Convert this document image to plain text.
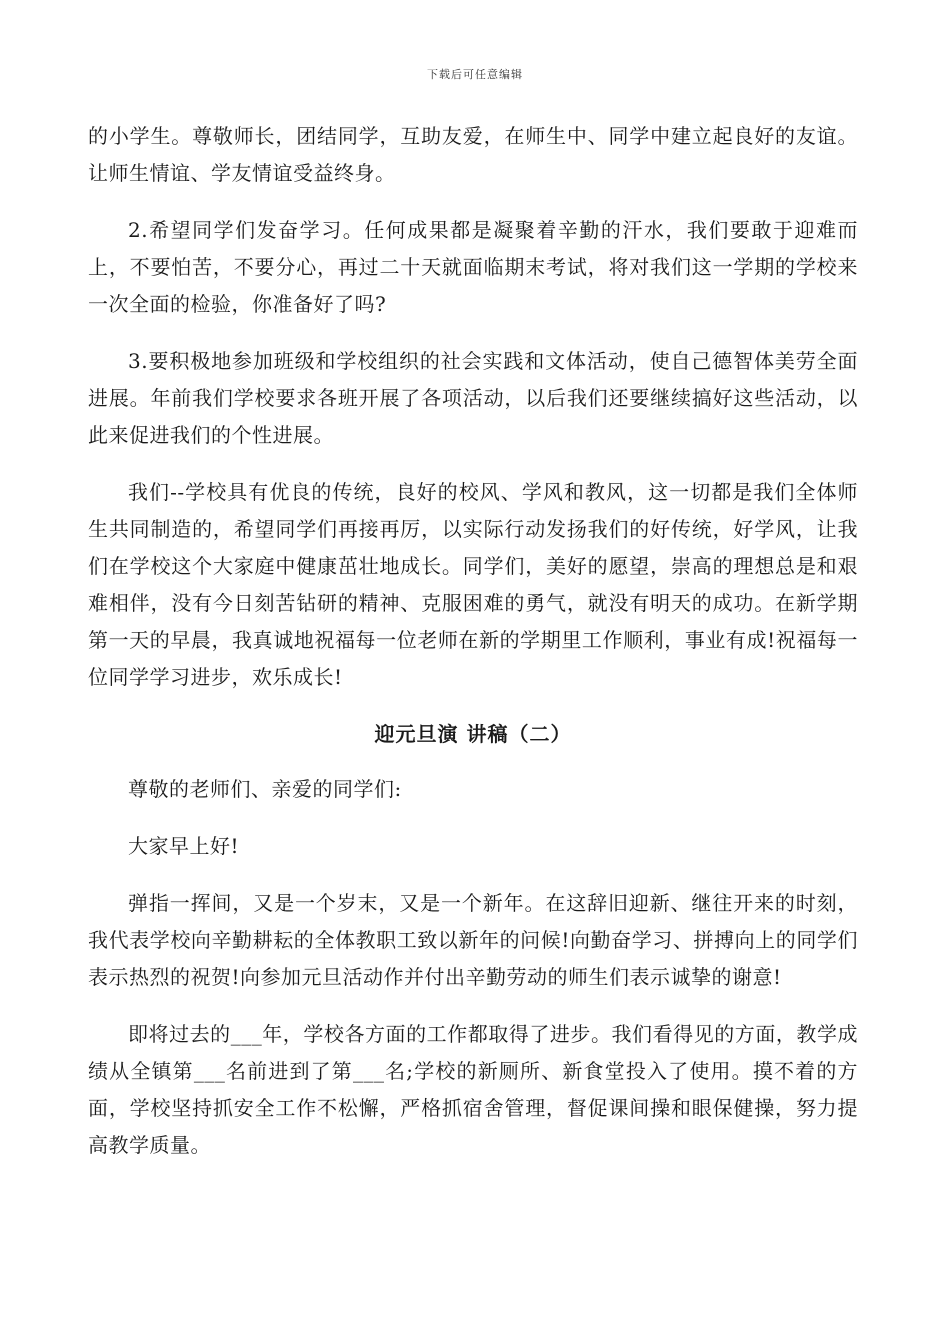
下载后可任意编辑

的小学生。尊敬师长，团结同学，互助友爱，在师生中、同学中建立起良好的友谊。让师生情谊、学友情谊受益终身。

2.希望同学们发奋学习。任何成果都是凝聚着辛勤的汗水，我们要敢于迎难而上，不要怕苦，不要分心，再过二十天就面临期末考试，将对我们这一学期的学校来一次全面的检验，你准备好了吗?

3.要积极地参加班级和学校组织的社会实践和文体活动，使自己德智体美劳全面进展。年前我们学校要求各班开展了各项活动，以后我们还要继续搞好这些活动，以此来促进我们的个性进展。

我们--学校具有优良的传统，良好的校风、学风和教风，这一切都是我们全体师生共同制造的，希望同学们再接再厉，以实际行动发扬我们的好传统，好学风，让我们在学校这个大家庭中健康茁壮地成长。同学们，美好的愿望，崇高的理想总是和艰难相伴，没有今日刻苦钻研的精神、克服困难的勇气，就没有明天的成功。在新学期第一天的早晨，我真诚地祝福每一位老师在新的学期里工作顺利，事业有成!祝福每一位同学学习进步，欢乐成长!

迎元旦演 讲稿（二）

尊敬的老师们、亲爱的同学们:

大家早上好!

弹指一挥间，又是一个岁末，又是一个新年。在这辞旧迎新、继往开来的时刻，我代表学校向辛勤耕耘的全体教职工致以新年的问候!向勤奋学习、拼搏向上的同学们表示热烈的祝贺!向参加元旦活动作并付出辛勤劳动的师生们表示诚挚的谢意!

即将过去的___年，学校各方面的工作都取得了进步。我们看得见的方面，教学成绩从全镇第___名前进到了第___名;学校的新厕所、新食堂投入了使用。摸不着的方面，学校坚持抓安全工作不松懈，严格抓宿舍管理，督促课间操和眼保健操，努力提高教学质量。
